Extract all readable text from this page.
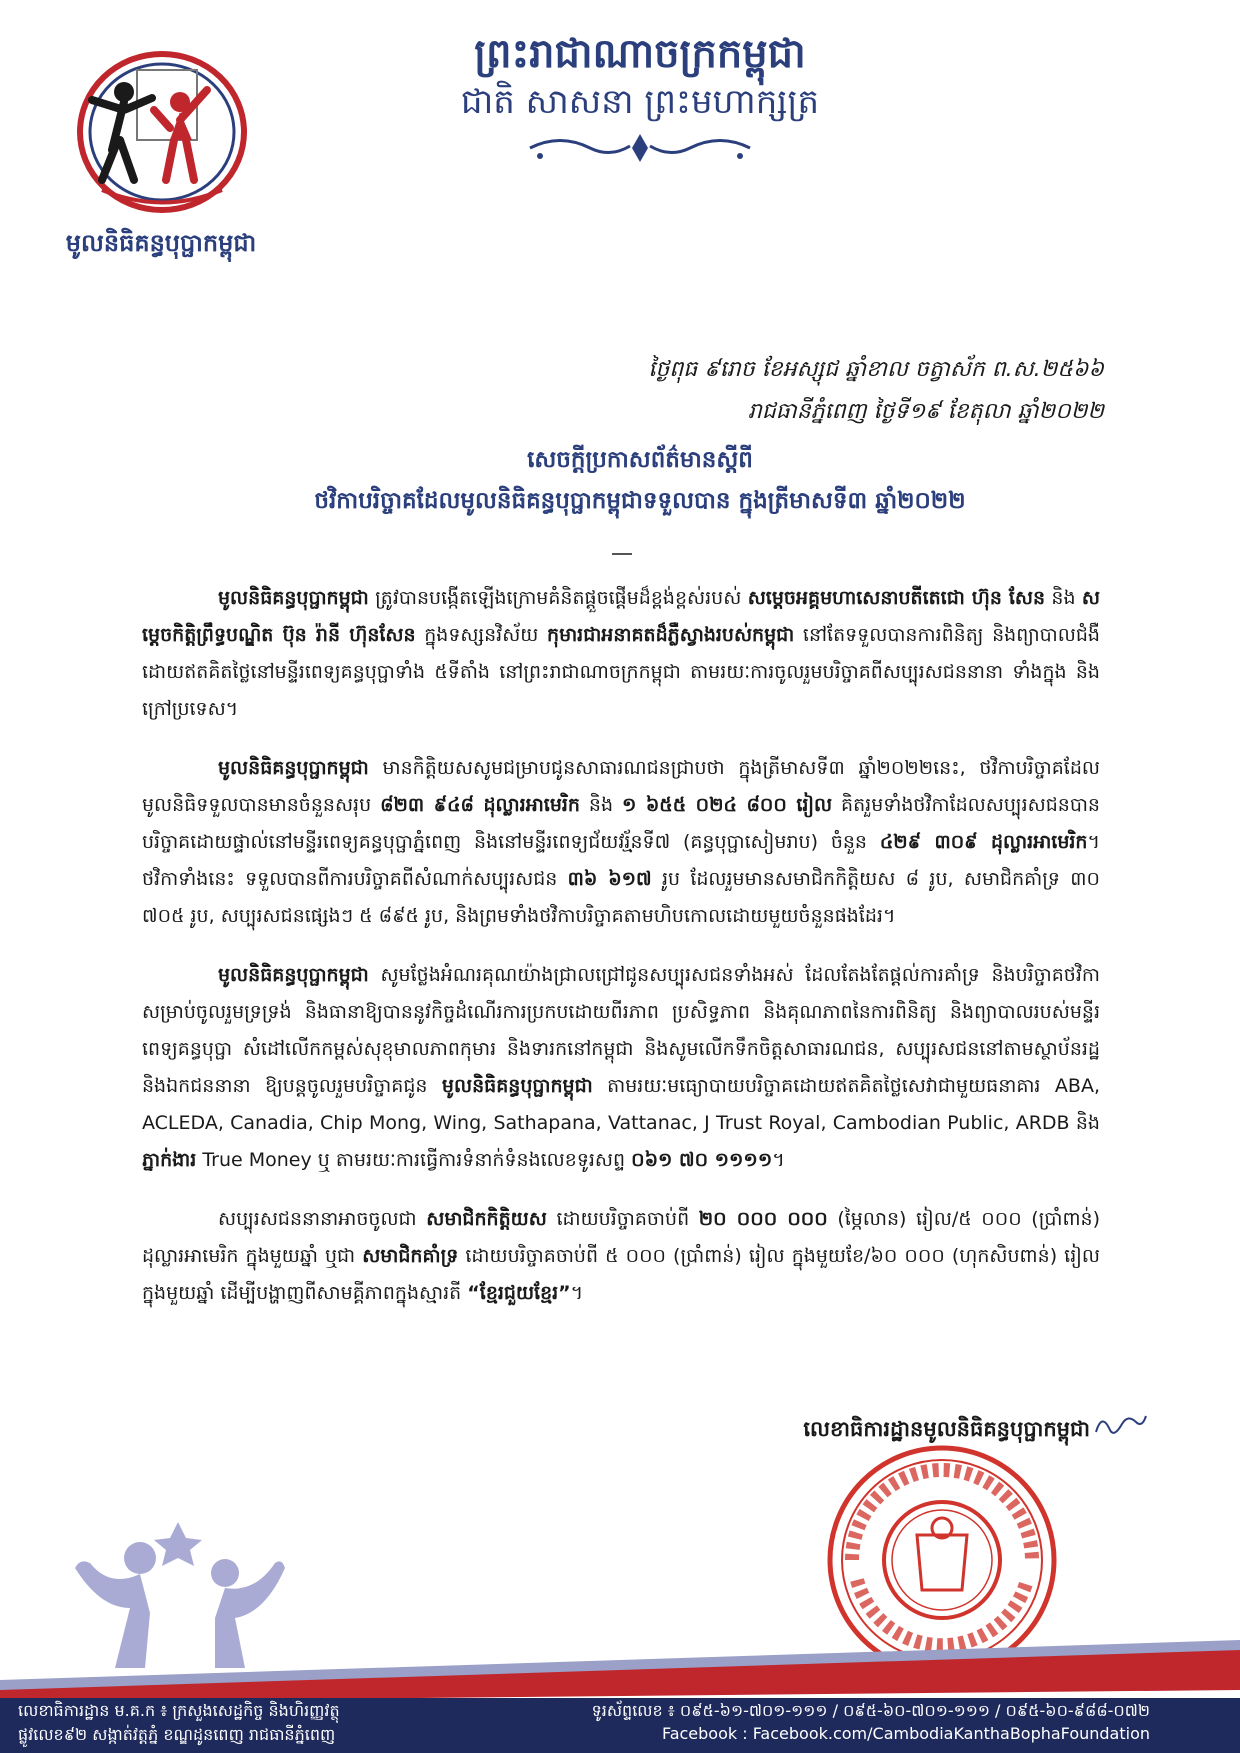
មូលនិធិគន្ធបុប្ផាកម្ពុជា
ព្រះរាជាណាចក្រកម្ពុជា
ជាតិ សាសនា ព្រះមហាក្សត្រ
ថ្ងៃពុធ ៩រោច ខែអស្សុជ ឆ្នាំខាល ចត្វាស័ក ព.ស.២៥៦៦
រាជធានីភ្នំពេញ ថ្ងៃទី១៩ ខែតុលា ឆ្នាំ២០២២
សេចក្តីប្រកាសព័ត៌មានស្តីពី
ថវិកាបរិច្ចាគដែលមូលនិធិគន្ធបុប្ផាកម្ពុជាទទួលបាន ក្នុងត្រីមាសទី៣ ឆ្នាំ២០២២

មូលនិធិគន្ធបុប្ផាកម្ពុជា ត្រូវបានបង្កើតឡើងក្រោមគំនិតផ្តួចផ្តើមដ៏ខ្ពង់ខ្ពស់របស់ សម្តេចអគ្គមហាសេនាបតីតេជោ ហ៊ុន សែន និង សម្តេចកិត្តិព្រឹទ្ធបណ្ឌិត ប៊ុន រ៉ានី ហ៊ុនសែន ក្នុងទស្សនវិស័យ កុមារជាអនាគតដ៏ភ្លឺស្វាងរបស់កម្ពុជា នៅតែទទួលបានការពិនិត្យ និងព្យាបាលជំងឺ ដោយឥតគិតថ្លៃនៅមន្ទីរពេទ្យគន្ធបុប្ផាទាំង ៥ទីតាំង នៅព្រះរាជាណាចក្រកម្ពុជា តាមរយៈការចូលរួមបរិច្ចាគពីសប្បុរសជននានា ទាំងក្នុង និងក្រៅប្រទេស។

មូលនិធិគន្ធបុប្ផាកម្ពុជា មានកិត្តិយសសូមជម្រាបជូនសាធារណជនជ្រាបថា ក្នុងត្រីមាសទី៣ ឆ្នាំ២០២២នេះ, ថវិកាបរិច្ចាគដែលមូលនិធិទទួលបានមានចំនួនសរុប ៨២៣ ៩៤៨ ដុល្លារអាមេរិក និង ១ ៦៥៥ ០២៤ ៨០០ រៀល គិតរួមទាំងថវិកាដែលសប្បុរសជនបានបរិច្ចាគដោយផ្ទាល់នៅមន្ទីរពេទ្យគន្ធបុប្ផាភ្នំពេញ និងនៅមន្ទីរពេទ្យជ័យវរ្ម័នទី៧ (គន្ធបុប្ផាសៀមរាប) ចំនួន ៤២៩ ៣០៩ ដុល្លារអាមេរិក។ ថវិកាទាំងនេះ ទទួលបានពីការបរិច្ចាគពីសំណាក់សប្បុរសជន ៣៦ ៦១៧ រូប ដែលរួមមានសមាជិកកិត្តិយស ៨ រូប, សមាជិកគាំទ្រ ៣០ ៧០៥ រូប, សប្បុរសជនផ្សេងៗ ៥ ៨៩៥ រូប, និងព្រមទាំងថវិកាបរិច្ចាគតាមហិបកោលដោយមួយចំនួនផងដែរ។

មូលនិធិគន្ធបុប្ផាកម្ពុជា សូមថ្លែងអំណរគុណយ៉ាងជ្រាលជ្រៅជូនសប្បុរសជនទាំងអស់ ដែលតែងតែផ្តល់ការគាំទ្រ និងបរិច្ចាគថវិកាសម្រាប់ចូលរួមទ្រទ្រង់ និងធានាឱ្យបាននូវកិច្ចដំណើរការប្រកបដោយពីរភាព ប្រសិទ្ធភាព និងគុណភាពនៃការពិនិត្យ និងព្យាបាលរបស់មន្ទីរពេទ្យគន្ធបុប្ផា សំដៅលើកកម្ពស់សុខុមាលភាពកុមារ និងទារកនៅកម្ពុជា និងសូមលើកទឹកចិត្តសាធារណជន, សប្បុរសជននៅតាមស្ថាប័នរដ្ឋ និងឯកជននានា ឱ្យបន្តចូលរួមបរិច្ចាគជូន មូលនិធិគន្ធបុប្ផាកម្ពុជា តាមរយៈមធ្យោបាយបរិច្ចាគដោយឥតគិតថ្លៃសេវាជាមួយធនាគារ ABA, ACLEDA, Canadia, Chip Mong, Wing, Sathapana, Vattanac, J Trust Royal, Cambodian Public, ARDB និង ភ្នាក់ងារ True Money ឬ តាមរយៈការធ្វើការទំនាក់ទំនងលេខទូរសព្ទ ០៦១ ៧០ ១១១១។

សប្បុរសជននានាអាចចូលជា សមាជិកកិត្តិយស ដោយបរិច្ចាគចាប់ពី ២០ ០០០ ០០០ (ម្ភៃលាន) រៀល/៥ ០០០ (ប្រាំពាន់) ដុល្លារអាមេរិក ក្នុងមួយឆ្នាំ ឬជា សមាជិកគាំទ្រ ដោយបរិច្ចាគចាប់ពី ៥ ០០០ (ប្រាំពាន់) រៀល ក្នុងមួយខែ/៦០ ០០០ (ហុកសិបពាន់) រៀល ក្នុងមួយឆ្នាំ ដើម្បីបង្ហាញពីសាមគ្គីភាពក្នុងស្មារតី “ខ្មែរជួយខ្មែរ”។

លេខាធិការដ្ឋានមូលនិធិគន្ធបុប្ផាកម្ពុជា
លេខាធិការដ្ឋាន ម.គ.ក ៖ ក្រសួងសេដ្ឋកិច្ច និងហិរញ្ញវត្ថុ
ផ្លូវលេខ៩២ សង្កាត់វត្តភ្នំ ខណ្ឌដូនពេញ រាជធានីភ្នំពេញ
ទូរស័ព្ទលេខ ៖ ០៩៥-៦១-៧០១-១១១ / ០៩៥-៦០-៧០១-១១១ / ០៩៥-៦០-៩៨៨-០៧២
Facebook : Facebook.com/CambodiaKanthaBophaFoundation
